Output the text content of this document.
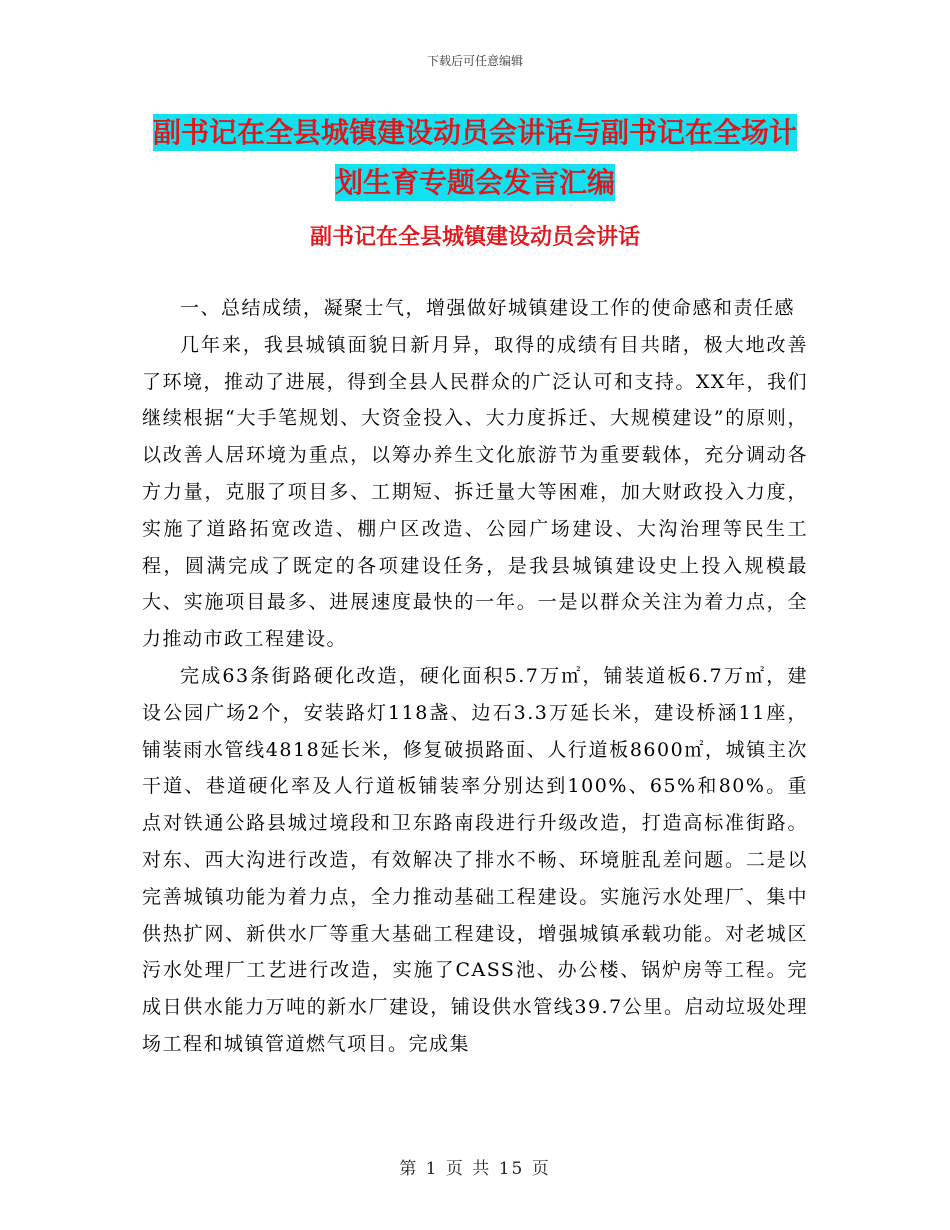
下载后可任意编辑
副书记在全县城镇建设动员会讲话与副书记在全场计
划生育专题会发言汇编
副书记在全县城镇建设动员会讲话

一、总结成绩，凝聚士气，增强做好城镇建设工作的使命感和责任感

几年来，我县城镇面貌日新月异，取得的成绩有目共睹，极大地改善了环境，推动了进展，得到全县人民群众的广泛认可和支持。XX年，我们继续根据“大手笔规划、大资金投入、大力度拆迁、大规模建设”的原则，以改善人居环境为重点，以筹办养生文化旅游节为重要载体，充分调动各方力量，克服了项目多、工期短、拆迁量大等困难，加大财政投入力度，实施了道路拓宽改造、棚户区改造、公园广场建设、大沟治理等民生工程，圆满完成了既定的各项建设任务，是我县城镇建设史上投入规模最大、实施项目最多、进展速度最快的一年。一是以群众关注为着力点，全力推动市政工程建设。

完成63条街路硬化改造，硬化面积5.7万㎡，铺装道板6.7万㎡，建设公园广场2个，安装路灯118盏、边石3.3万延长米，建设桥涵11座，铺装雨水管线4818延长米，修复破损路面、人行道板8600㎡，城镇主次干道、巷道硬化率及人行道板铺装率分别达到100%、65%和80%。重点对铁通公路县城过境段和卫东路南段进行升级改造，打造高标准街路。对东、西大沟进行改造，有效解决了排水不畅、环境脏乱差问题。二是以完善城镇功能为着力点，全力推动基础工程建设。实施污水处理厂、集中供热扩网、新供水厂等重大基础工程建设，增强城镇承载功能。对老城区污水处理厂工艺进行改造，实施了CASS池、办公楼、锅炉房等工程。完成日供水能力万吨的新水厂建设，铺设供水管线39.7公里。启动垃圾处理场工程和城镇管道燃气项目。完成集

第 1 页 共 15 页
